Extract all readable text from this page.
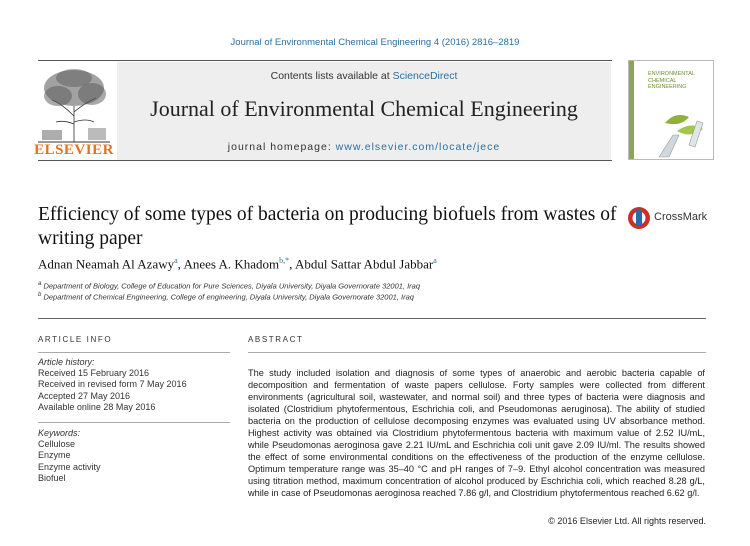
Journal of Environmental Chemical Engineering 4 (2016) 2816–2819
ELSEVIER
Contents lists available at ScienceDirect
Journal of Environmental Chemical Engineering
journal homepage: www.elsevier.com/locate/jece
ENVIRONMENTAL
CHEMICAL
ENGINEERING
Efficiency of some types of bacteria on producing biofuels from wastes of writing paper
CrossMark
Adnan Neamah Al Azawy$^a$, Anees A. Khadom$^{b,*}$, Abdul Sattar Abdul Jabbar$^a$
$^a$ Department of Biology, College of Education for Pure Sciences, Diyala University, Diyala Governorate 32001, Iraq
$^b$ Department of Chemical Engineering, College of engineering, Diyala University, Diyala Governorate 32001, Iraq
ARTICLE INFO
Article history:
Received 15 February 2016
Received in revised form 7 May 2016
Accepted 27 May 2016
Available online 28 May 2016
Keywords:
Cellulose
Enzyme
Enzyme activity
Biofuel
ABSTRACT
The study included isolation and diagnosis of some types of anaerobic and aerobic bacteria capable of decomposition and fermentation of waste papers cellulose. Forty samples were collected from different environments (agricultural soil, wastewater, and normal soil) and three types of bacteria were diagnosis and isolated (Clostridium phytofermentous, Eschrichia coli, and Pseudomonas aeruginosa). The ability of studied bacteria on the production of cellulose decomposing enzymes was evaluated using UV absorbance method. Highest activity was obtained via Clostridium phytofermentous bacteria with maximum value of 2.52 IU/mL, while Pseudomonas aeroginosa gave 2.21 IU/mL and Eschrichia coli unit gave 2.09 IU/ml. The results showed the effect of some environmental conditions on the effectiveness of the production of the enzyme cellulose. Optimum temperature range was 35–40 °C and pH ranges of 7–9. Ethyl alcohol concentration was measured using titration method, maximum concentration of alcohol produced by Eschrichia coli, which reached 8.28 g/L, while in case of Pseudomonas aeroginosa reached 7.86 g/l, and Clostridium phytofermentous reached 6.62 g/l.
© 2016 Elsevier Ltd. All rights reserved.
